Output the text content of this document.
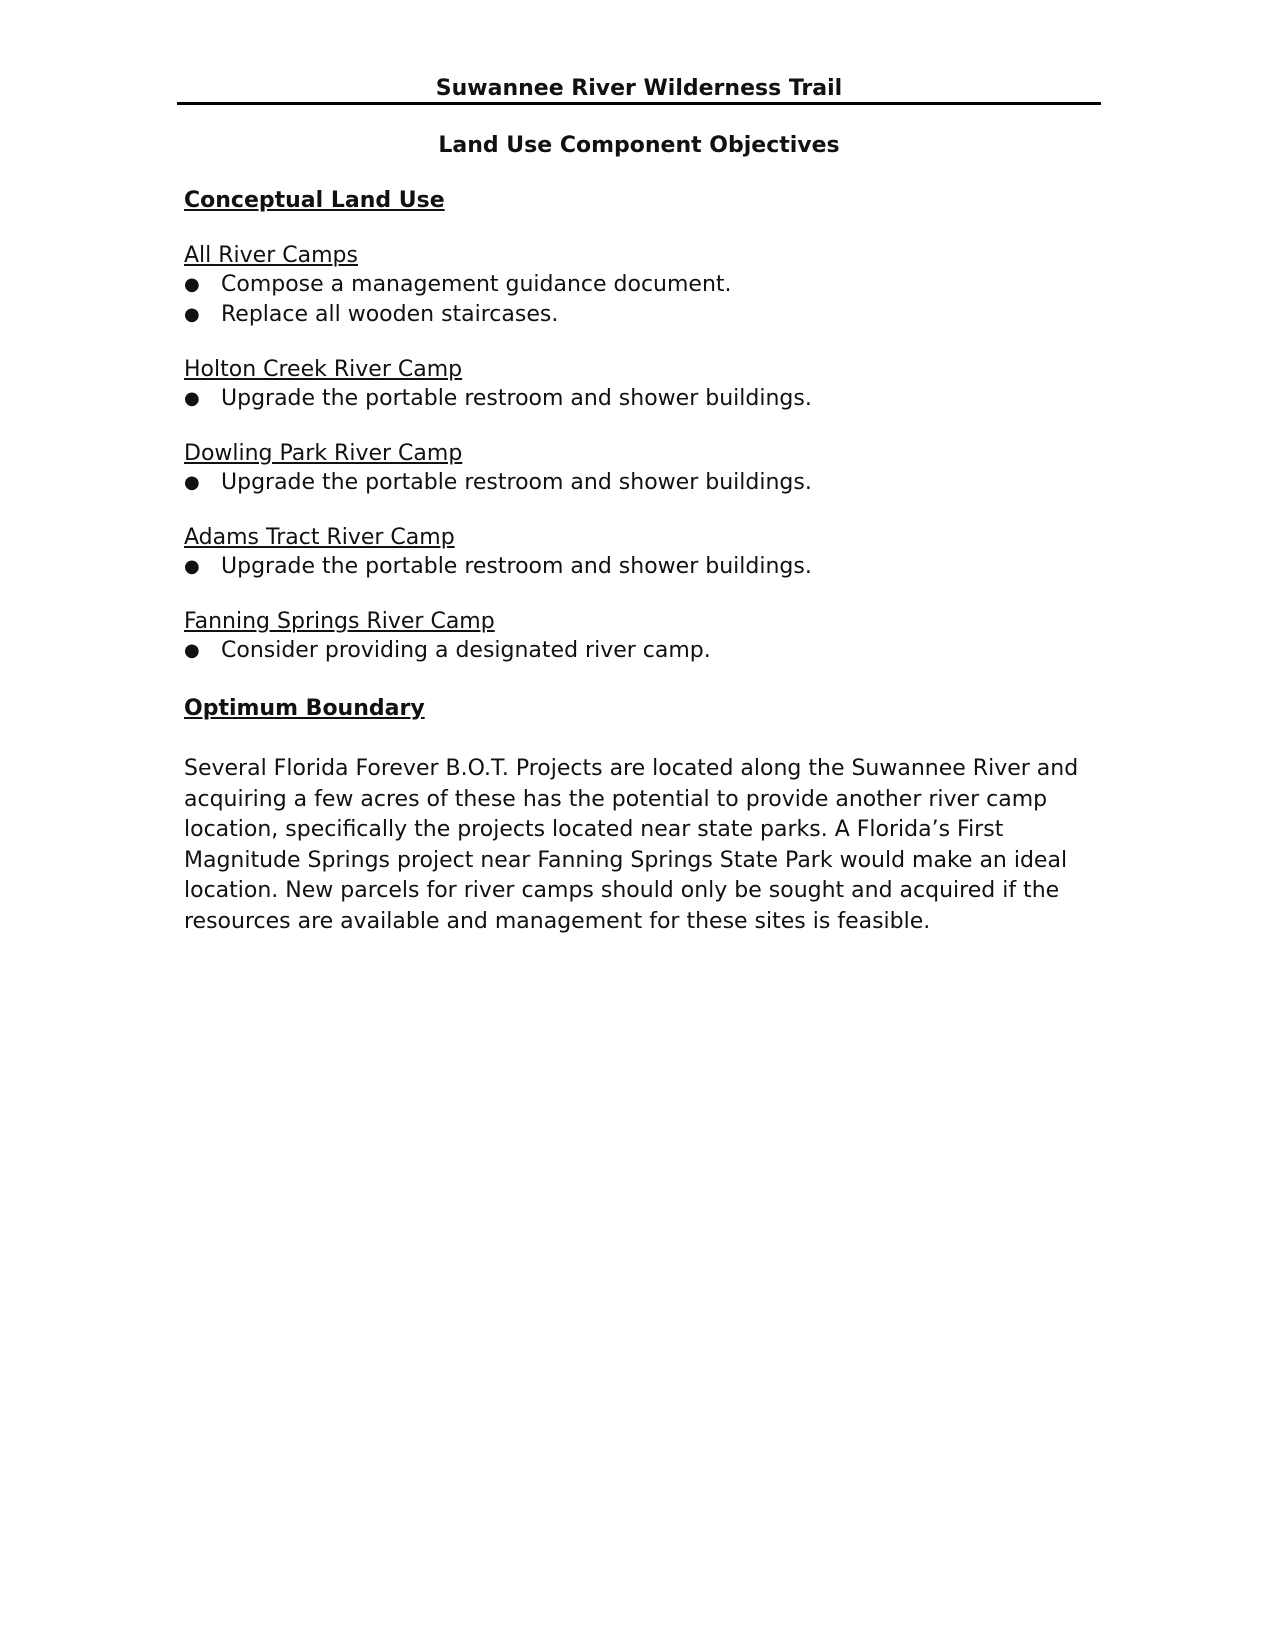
Suwannee River Wilderness Trail
Land Use Component Objectives
Conceptual Land Use

All River Camps

● Compose a management guidance document.
● Replace all wooden staircases.

Holton Creek River Camp

● Upgrade the portable restroom and shower buildings.

Dowling Park River Camp

● Upgrade the portable restroom and shower buildings.

Adams Tract River Camp

● Upgrade the portable restroom and shower buildings.

Fanning Springs River Camp

● Consider providing a designated river camp.
Optimum Boundary

Several Florida Forever B.O.T. Projects are located along the Suwannee River and acquiring a few acres of these has the potential to provide another river camp location, specifically the projects located near state parks. A Florida’s First Magnitude Springs project near Fanning Springs State Park would make an ideal location. New parcels for river camps should only be sought and acquired if the resources are available and management for these sites is feasible.
